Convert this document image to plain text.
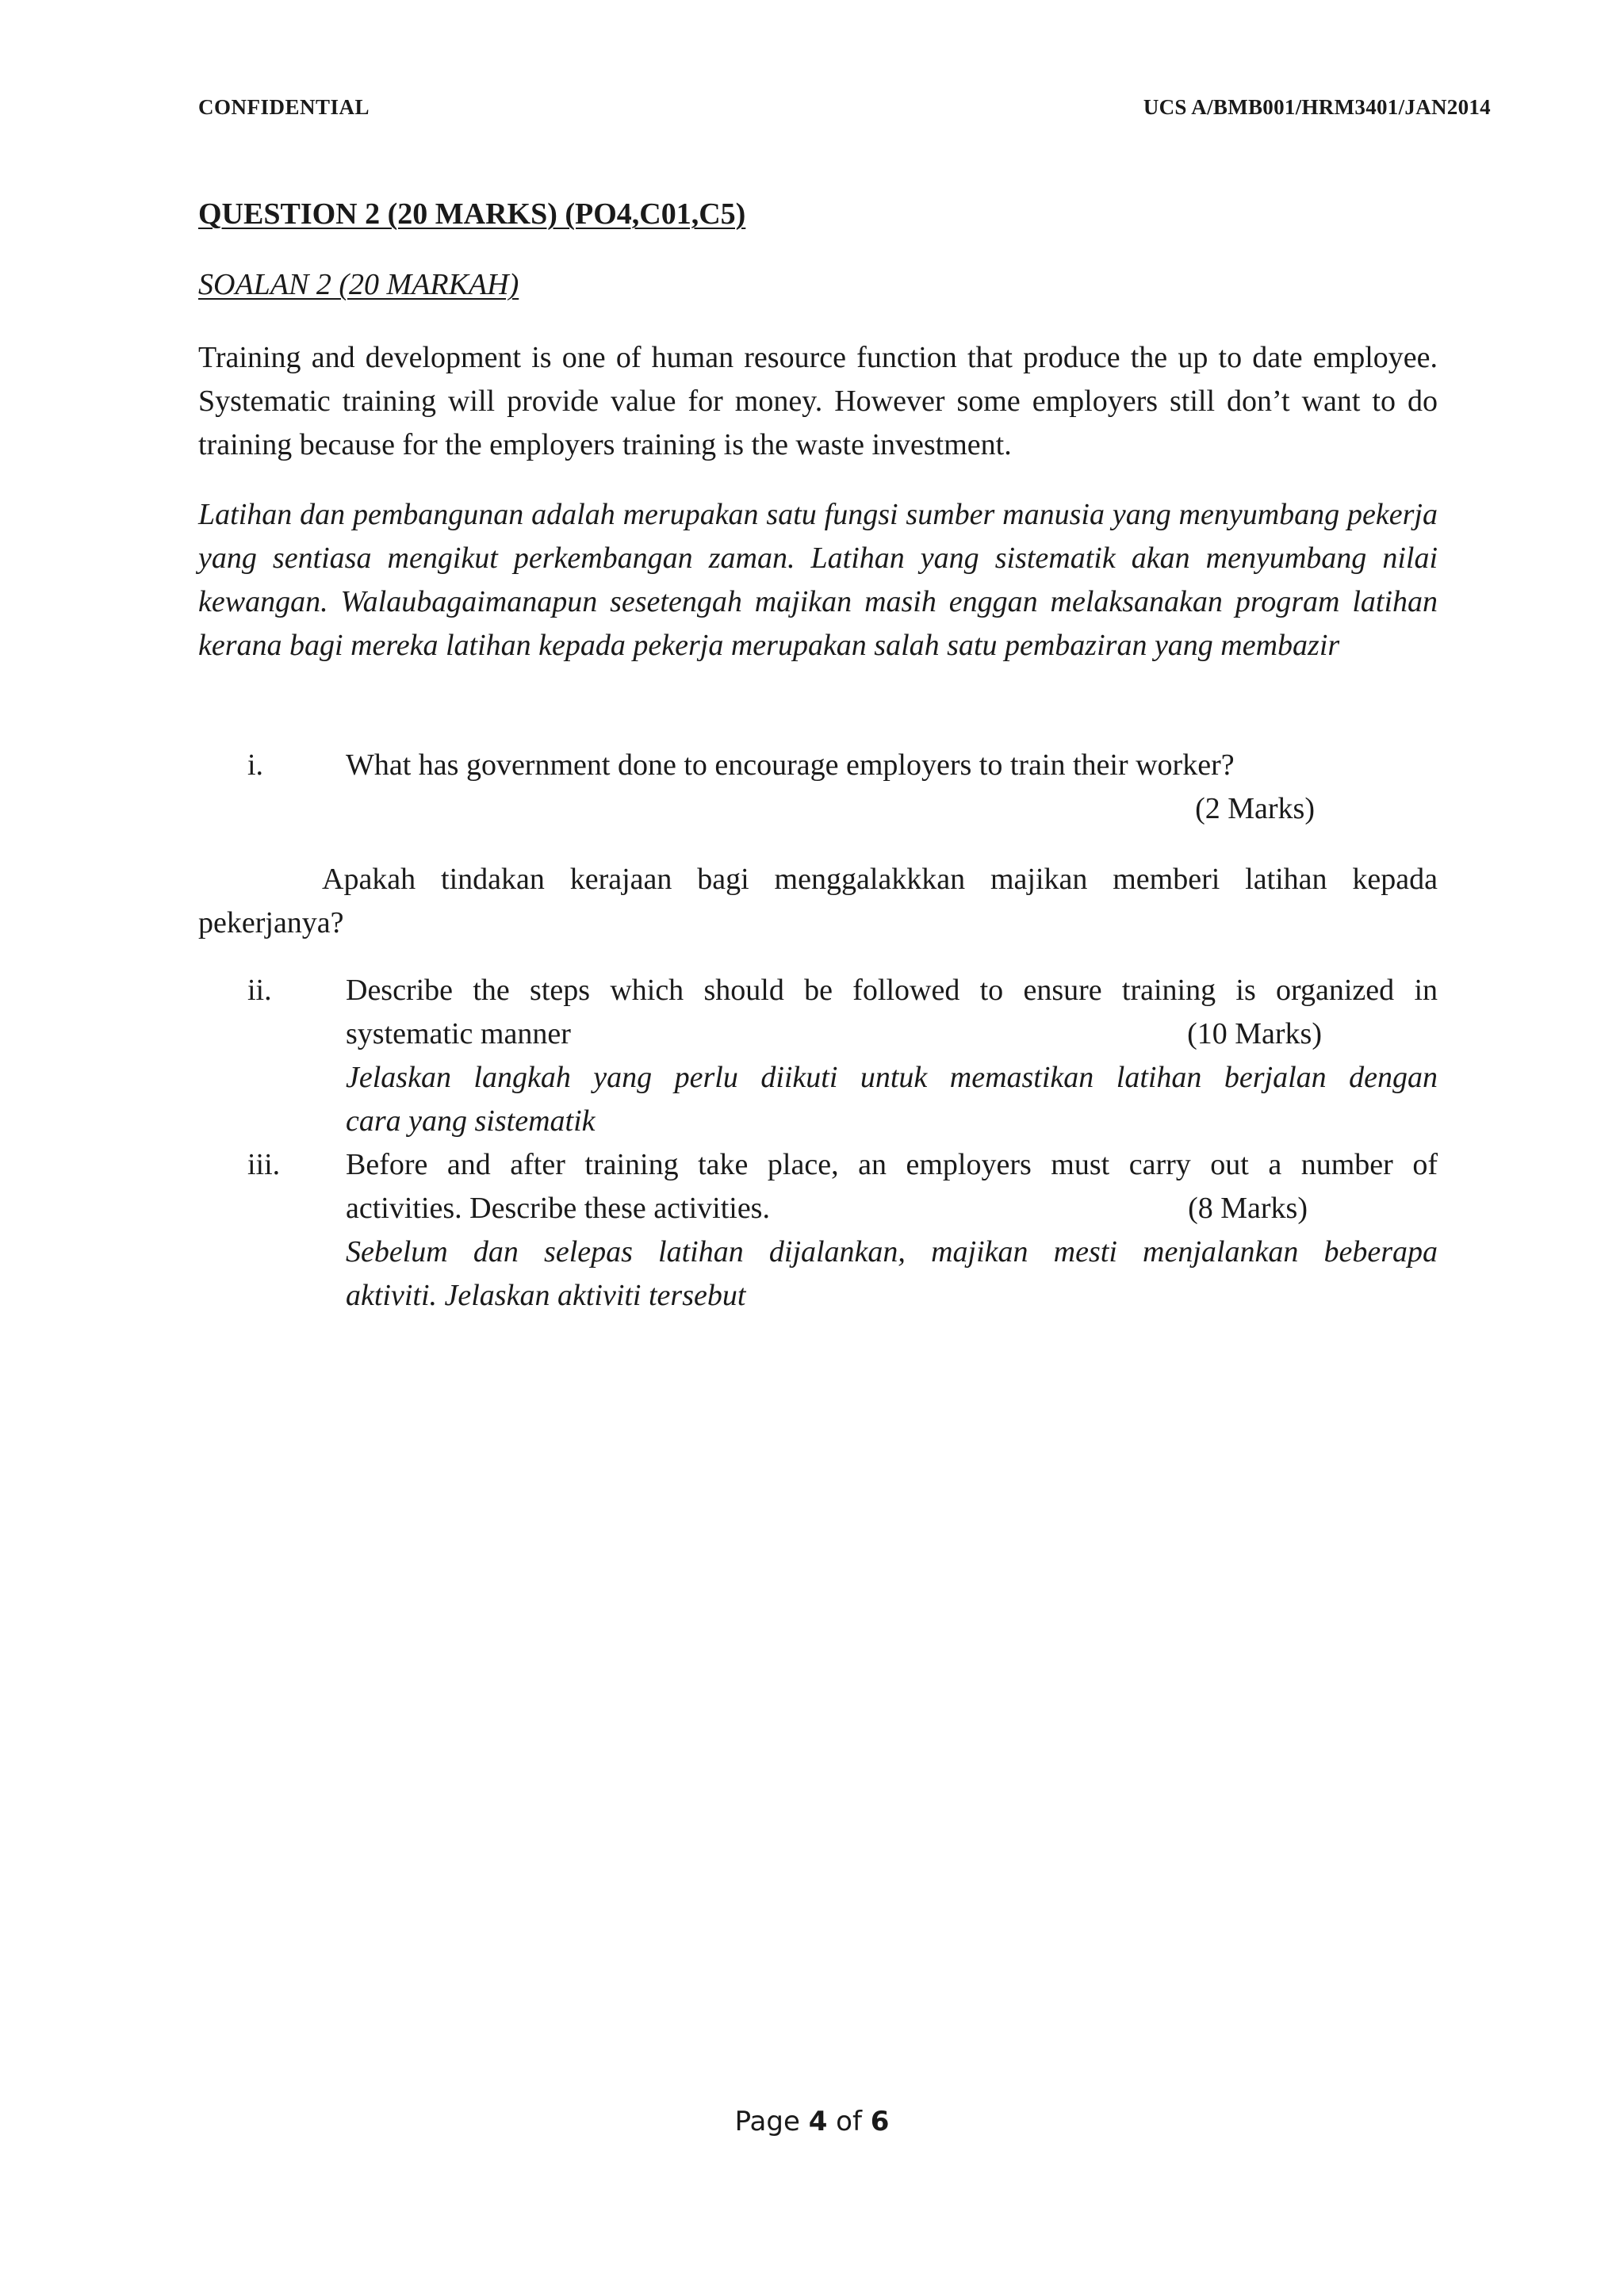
CONFIDENTIAL	UCS A/BMB001/HRM3401/JAN2014
QUESTION 2 (20 MARKS) (PO4,C01,C5)
SOALAN 2 (20 MARKAH)

Training and development is one of human resource function that produce the up to date employee. Systematic training will provide value for money. However some employers still don’t want to do training because for the employers training is the waste investment.

Latihan dan pembangunan adalah merupakan satu fungsi sumber manusia yang menyumbang pekerja yang sentiasa mengikut perkembangan zaman. Latihan yang sistematik akan menyumbang nilai kewangan. Walaubagaimanapun sesetengah majikan masih enggan melaksanakan program latihan kerana bagi mereka latihan kepada pekerja merupakan salah satu pembaziran yang membazir

i.	What has government done to encourage employers to train their worker?
(2 Marks)

Apakah tindakan kerajaan bagi menggalakkkan majikan memberi latihan kepada pekerjanya?

ii. Describe the steps which should be followed to ensure training is organized in
systematic manner	(10 Marks)
Jelaskan langkah yang perlu diikuti untuk memastikan latihan berjalan dengan
cara yang sistematik
iii. Before and after training take place, an employers must carry out a number of
activities. Describe these activities.	(8 Marks)
Sebelum dan selepas latihan dijalankan, majikan mesti menjalankan beberapa
aktiviti. Jelaskan aktiviti tersebut
Page 4 of 6
